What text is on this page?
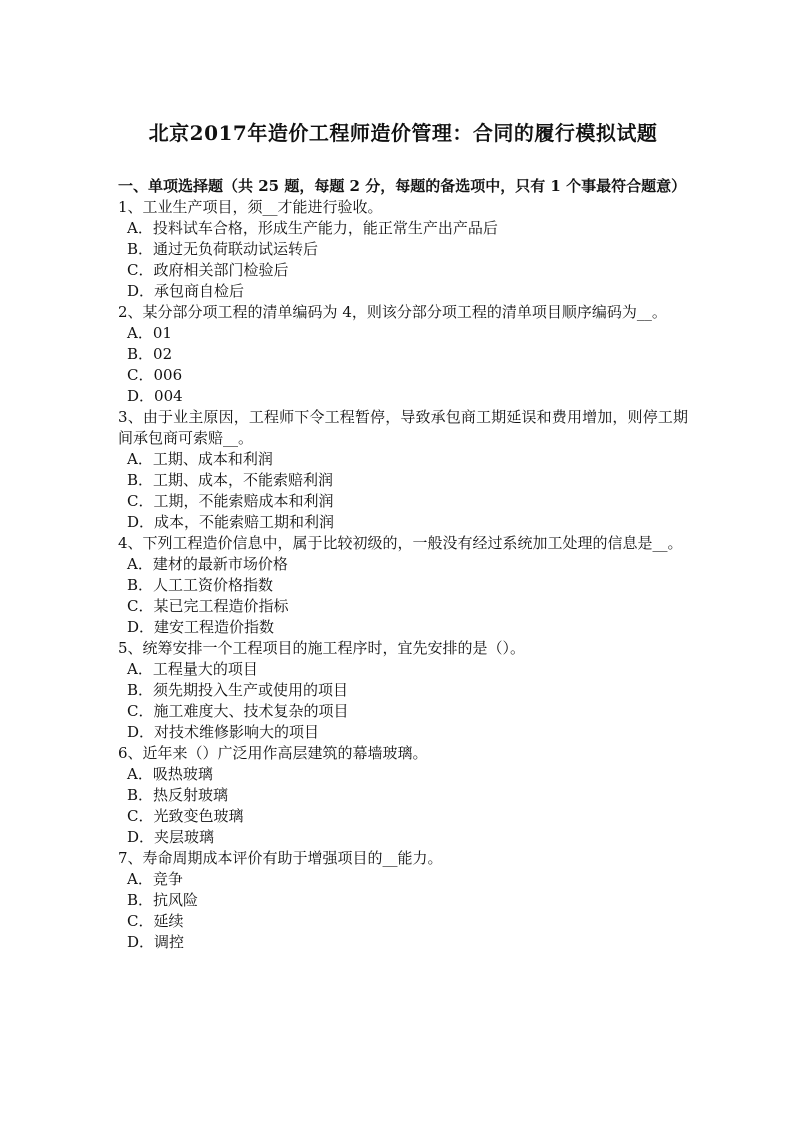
北京2017年造价工程师造价管理：合同的履行模拟试题
一、单项选择题（共 25 题，每题 2 分，每题的备选项中，只有 1 个事最符合题意）
1、工业生产项目，须__才能进行验收。
A．投料试车合格，形成生产能力，能正常生产出产品后
B．通过无负荷联动试运转后
C．政府相关部门检验后
D．承包商自检后
2、某分部分项工程的清单编码为 4，则该分部分项工程的清单项目顺序编码为__。
A．01
B．02
C．006
D．004
3、由于业主原因，工程师下令工程暂停，导致承包商工期延误和费用增加，则停工期间承包商可索赔__。
A．工期、成本和利润
B．工期、成本，不能索赔利润
C．工期，不能索赔成本和利润
D．成本，不能索赔工期和利润
4、下列工程造价信息中，属于比较初级的，一般没有经过系统加工处理的信息是__。
A．建材的最新市场价格
B．人工工资价格指数
C．某已完工程造价指标
D．建安工程造价指数
5、统筹安排一个工程项目的施工程序时，宜先安排的是（）。
A．工程量大的项目
B．须先期投入生产或使用的项目
C．施工难度大、技术复杂的项目
D．对技术维修影响大的项目
6、近年来（）广泛用作高层建筑的幕墙玻璃。
A．吸热玻璃
B．热反射玻璃
C．光致变色玻璃
D．夹层玻璃
7、寿命周期成本评价有助于增强项目的__能力。
A．竞争
B．抗风险
C．延续
D．调控
